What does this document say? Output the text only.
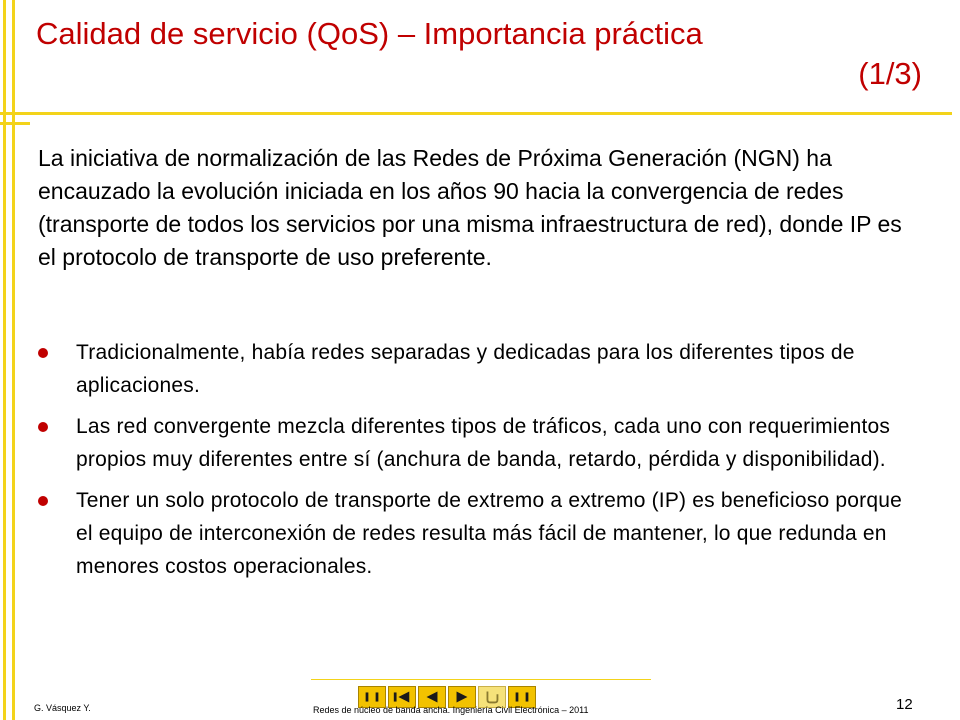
Calidad de servicio (QoS) – Importancia práctica
(1/3)

La iniciativa de normalización de las Redes de Próxima Generación (NGN) ha encauzado la evolución iniciada en los años 90 hacia la convergencia de redes (transporte de todos los servicios por una misma infraestructura de red), donde IP es el protocolo de transporte de uso preferente.

Tradicionalmente, había redes separadas y dedicadas para los diferentes tipos de aplicaciones.
Las red convergente mezcla diferentes tipos de tráficos, cada uno con requerimientos propios muy diferentes entre sí (anchura de banda, retardo, pérdida y disponibilidad).
Tener un solo protocolo de transporte de extremo a extremo (IP) es beneficioso porque el equipo de interconexión de redes resulta más fácil de mantener, lo que redunda en menores costos operacionales.
G. Vásquez Y.	Redes de núcleo de banda ancha. Ingeniería Civil Electrónica – 2011	12
